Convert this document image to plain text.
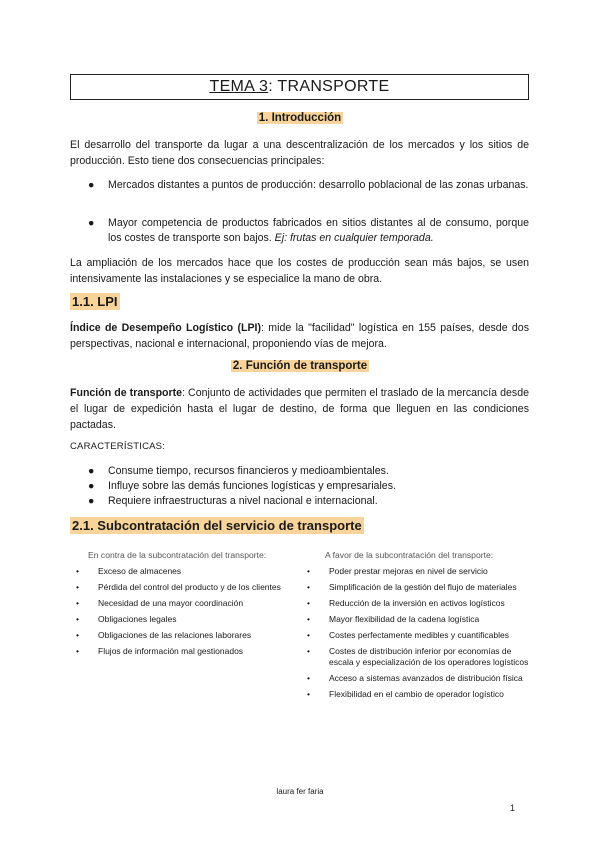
TEMA 3: TRANSPORTE
1. Introducción
El desarrollo del transporte da lugar a una descentralización de los mercados y los sitios de producción. Esto tiene dos consecuencias principales:
● Mercados distantes a puntos de producción: desarrollo poblacional de las zonas urbanas.
● Mayor competencia de productos fabricados en sitios distantes al de consumo, porque los costes de transporte son bajos. Ej: frutas en cualquier temporada.
La ampliación de los mercados hace que los costes de producción sean más bajos, se usen intensivamente las instalaciones y se especialice la mano de obra.
1.1. LPI
Índice de Desempeño Logístico (LPI): mide la "facilidad" logística en 155 países, desde dos perspectivas, nacional e internacional, proponiendo vías de mejora.
2. Función de transporte
Función de transporte: Conjunto de actividades que permiten el traslado de la mercancía desde el lugar de expedición hasta el lugar de destino, de forma que lleguen en las condiciones pactadas.
CARACTERÍSTICAS:
● Consume tiempo, recursos financieros y medioambientales.
● Influye sobre las demás funciones logísticas y empresariales.
● Requiere infraestructuras a nivel nacional e internacional.
2.1. Subcontratación del servicio de transporte
En contra de la subcontratación del transporte:
• Exceso de almacenes
• Pérdida del control del producto y de los clientes
• Necesidad de una mayor coordinación
• Obligaciones legales
• Obligaciones de las relaciones laborares
• Flujos de información mal gestionados
A favor de la subcontratación del transporte:
• Poder prestar mejoras en nivel de servicio
• Simplificación de la gestión del flujo de materiales
• Reducción de la inversión en activos logísticos
• Mayor flexibilidad de la cadena logística
• Costes perfectamente medibles y cuantificables
• Costes de distribución inferior por economías de escala y especialización de los operadores logísticos
• Acceso a sistemas avanzados de distribución física
• Flexibilidad en el cambio de operador logístico
laura fer faria
1
